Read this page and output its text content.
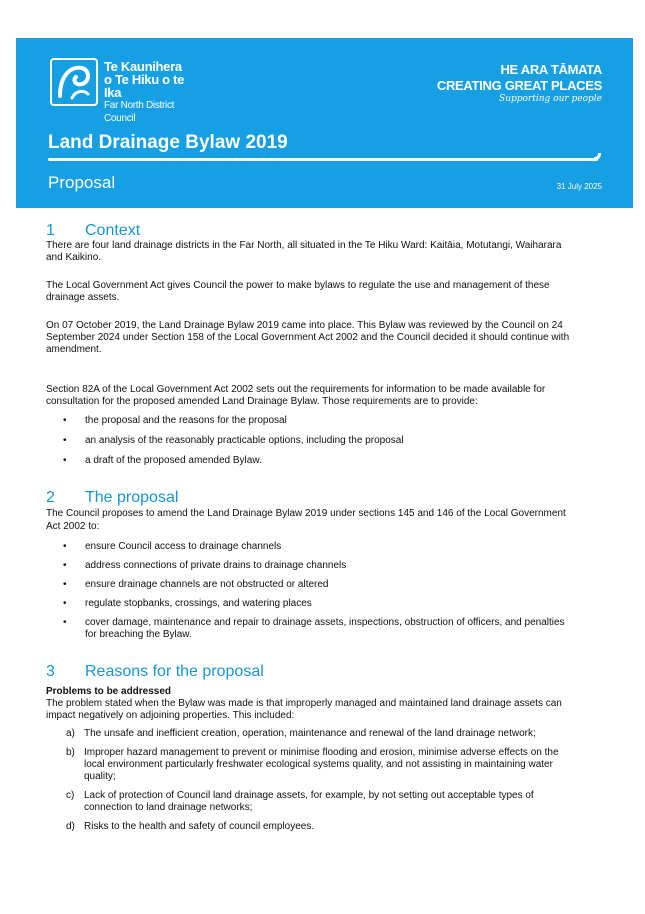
Te Kaunihera
o Te Hiku o te Ika
Far North District Council
HE ARA TĀMATA
CREATING GREAT PLACES
Supporting our people
Land Drainage Bylaw 2019
Proposal	31 July 2025
1 Context

There are four land drainage districts in the Far North, all situated in the Te Hiku Ward: Kaitāia, Motutangi, Waiharara and Kaikino.

The Local Government Act gives Council the power to make bylaws to regulate the use and management of these drainage assets.

On 07 October 2019, the Land Drainage Bylaw 2019 came into place. This Bylaw was reviewed by the Council on 24 September 2024 under Section 158 of the Local Government Act 2002 and the Council decided it should continue with amendment.

Section 82A of the Local Government Act 2002 sets out the requirements for information to be made available for consultation for the proposed amended Land Drainage Bylaw. Those requirements are to provide:

• the proposal and the reasons for the proposal
• an analysis of the reasonably practicable options, including the proposal
• a draft of the proposed amended Bylaw.
2 The proposal

The Council proposes to amend the Land Drainage Bylaw 2019 under sections 145 and 146 of the Local Government Act 2002 to:

• ensure Council access to drainage channels
• address connections of private drains to drainage channels
• ensure drainage channels are not obstructed or altered
• regulate stopbanks, crossings, and watering places
• cover damage, maintenance and repair to drainage assets, inspections, obstruction of officers, and penalties for breaching the Bylaw.
3 Reasons for the proposal

Problems to be addressed

The problem stated when the Bylaw was made is that improperly managed and maintained land drainage assets can impact negatively on adjoining properties. This included:

a) The unsafe and inefficient creation, operation, maintenance and renewal of the land drainage network;
b) Improper hazard management to prevent or minimise flooding and erosion, minimise adverse effects on the local environment particularly freshwater ecological systems quality, and not assisting in maintaining water quality;
c) Lack of protection of Council land drainage assets, for example, by not setting out acceptable types of connection to land drainage networks;
d) Risks to the health and safety of council employees.
